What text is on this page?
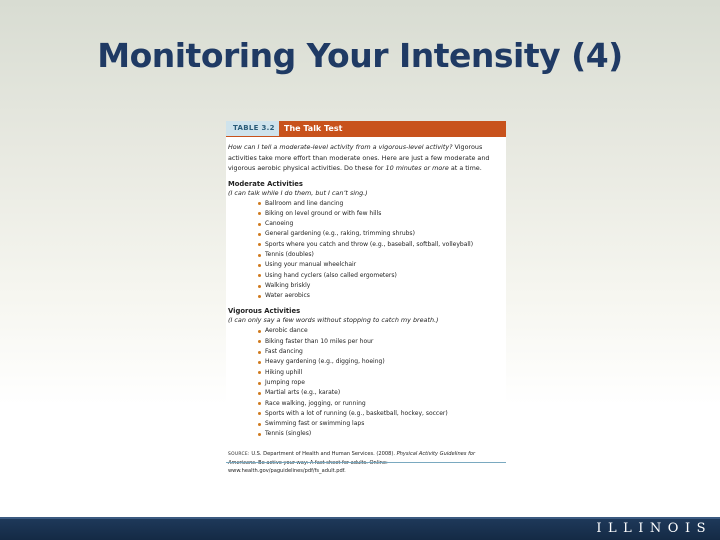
Monitoring Your Intensity (4)
TABLE 3.2	The Talk Test

How can I tell a moderate-level activity from a vigorous-level activity? Vigorous activities take more effort than moderate ones. Here are just a few moderate and vigorous aerobic physical activities. Do these for 10 minutes or more at a time.

Moderate Activities
(I can talk while I do them, but I can’t sing.)
Ballroom and line dancing
Biking on level ground or with few hills
Canoeing
General gardening (e.g., raking, trimming shrubs)
Sports where you catch and throw (e.g., baseball, softball, volleyball)
Tennis (doubles)
Using your manual wheelchair
Using hand cyclers (also called ergometers)
Walking briskly
Water aerobics
Vigorous Activities
(I can only say a few words without stopping to catch my breath.)
Aerobic dance
Biking faster than 10 miles per hour
Fast dancing
Heavy gardening (e.g., digging, hoeing)
Hiking uphill
Jumping rope
Martial arts (e.g., karate)
Race walking, jogging, or running
Sports with a lot of running (e.g., basketball, hockey, soccer)
Swimming fast or swimming laps
Tennis (singles)

SOURCE: U.S. Department of Health and Human Services. (2008). Physical Activity Guidelines for www.health.gov/paguidelines/pdf/fs_adult.pdf.

ILLINOIS
